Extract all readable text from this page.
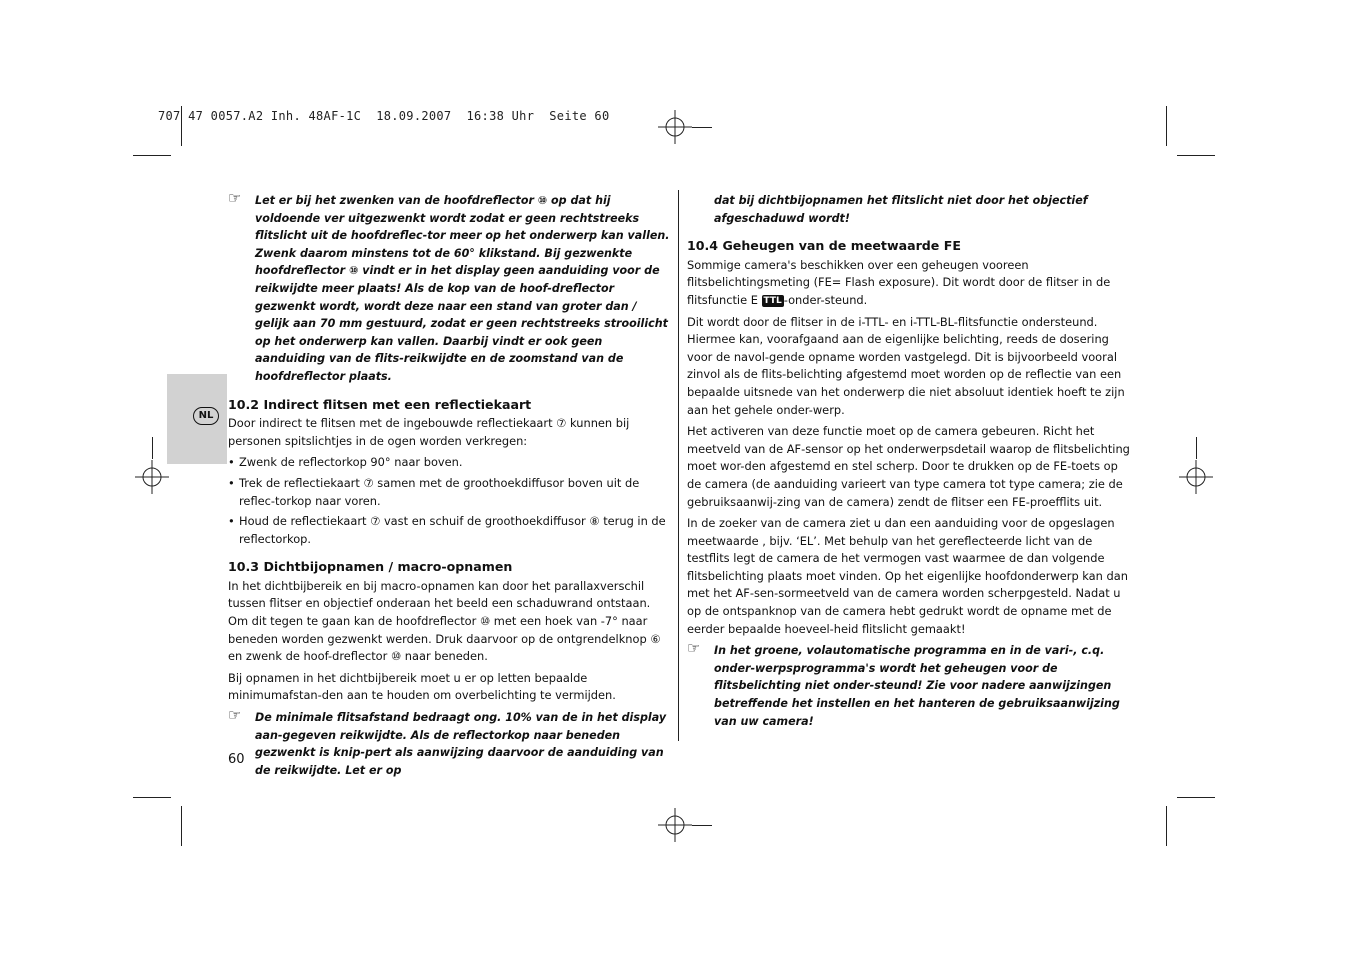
707 47 0057.A2 Inh. 48AF-1C  18.09.2007  16:38 Uhr  Seite 60
NL
☞ Let er bij het zwenken van de hoofdreflector ⑩ op dat hij voldoende ver uitgezwenkt wordt zodat er geen rechtstreeks flitslicht uit de hoofdreflec-tor meer op het onderwerp kan vallen. Zwenk daarom minstens tot de 60° klikstand. Bij gezwenkte hoofdreflector ⑩ vindt er in het display geen aanduiding voor de reikwijdte meer plaats! Als de kop van de hoof-dreflector gezwenkt wordt, wordt deze naar een stand van groter dan / gelijk aan 70 mm gestuurd, zodat er geen rechtstreeks strooilicht op het onderwerp kan vallen. Daarbij vindt er ook geen aanduiding van de flits-reikwijdte en de zoomstand van de hoofdreflector plaats.
10.2 Indirect flitsen met een reflectiekaart
Door indirect te flitsen met de ingebouwde reflectiekaart ⑦ kunnen bij personen spitslichtjes in de ogen worden verkregen:
• Zwenk de reflectorkop 90° naar boven.
• Trek de reflectiekaart ⑦ samen met de groothoekdiffusor boven uit de reflec-torkop naar voren.
• Houd de reflectiekaart ⑦ vast en schuif de groothoekdiffusor ⑧ terug in de reflectorkop.
10.3 Dichtbijopnamen / macro-opnamen
In het dichtbijbereik en bij macro-opnamen kan door het parallaxverschil tussen flitser en objectief onderaan het beeld een schaduwrand ontstaan. Om dit tegen te gaan kan de hoofdreflector ⑩ met een hoek van -7° naar beneden worden gezwenkt werden. Druk daarvoor op de ontgrendelknop ⑥ en zwenk de hoof-dreflector ⑩ naar beneden.
Bij opnamen in het dichtbijbereik moet u er op letten bepaalde minimumafstan-den aan te houden om overbelichting te vermijden.
☞ De minimale flitsafstand bedraagt ong. 10% van de in het display aan-gegeven reikwijdte. Als de reflectorkop naar beneden gezwenkt is knip-pert als aanwijzing daarvoor de aanduiding van de reikwijdte. Let er op
dat bij dichtbijopnamen het flitslicht niet door het objectief afgeschaduwd wordt!
10.4 Geheugen van de meetwaarde FE
Sommige camera's beschikken over een geheugen vooreen flitsbelichtingsmeting (FE= Flash exposure). Dit wordt door de flitser in de flitsfunctie E TTL -onder-steund.
Dit wordt door de flitser in de i-TTL- en i-TTL-BL-flitsfunctie ondersteund. Hiermee kan, voorafgaand aan de eigenlijke belichting, reeds de dosering voor de navol-gende opname worden vastgelegd. Dit is bijvoorbeeld vooral zinvol als de flits-belichting afgestemd moet worden op de reflectie van een bepaalde uitsnede van het onderwerp die niet absoluut identiek hoeft te zijn aan het gehele onder-werp.
Het activeren van deze functie moet op de camera gebeuren. Richt het meetveld van de AF-sensor op het onderwerpsdetail waarop de flitsbelichting moet wor-den afgestemd en stel scherp. Door te drukken op de FE-toets op de camera (de aanduiding varieert van type camera tot type camera; zie de gebruiksaanwij-zing van de camera) zendt de flitser een FE-proefflits uit.
In de zoeker van de camera ziet u dan een aanduiding voor de opgeslagen meetwaarde , bijv. ‘EL’. Met behulp van het gereflecteerde licht van de testflits legt de camera de het vermogen vast waarmee de dan volgende flitsbelichting plaats moet vinden. Op het eigenlijke hoofdonderwerp kan dan met het AF-sen-sormeetveld van de camera worden scherpgesteld. Nadat u op de ontspanknop van de camera hebt gedrukt wordt de opname met de eerder bepaalde hoeveel-heid flitslicht gemaakt!
☞ In het groene, volautomatische programma en in de vari-, c.q. onder-werpsprogramma's wordt het geheugen voor de flitsbelichting niet onder-steund! Zie voor nadere aanwijzingen betreffende het instellen en het hanteren de gebruiksaanwijzing van uw camera!
60
